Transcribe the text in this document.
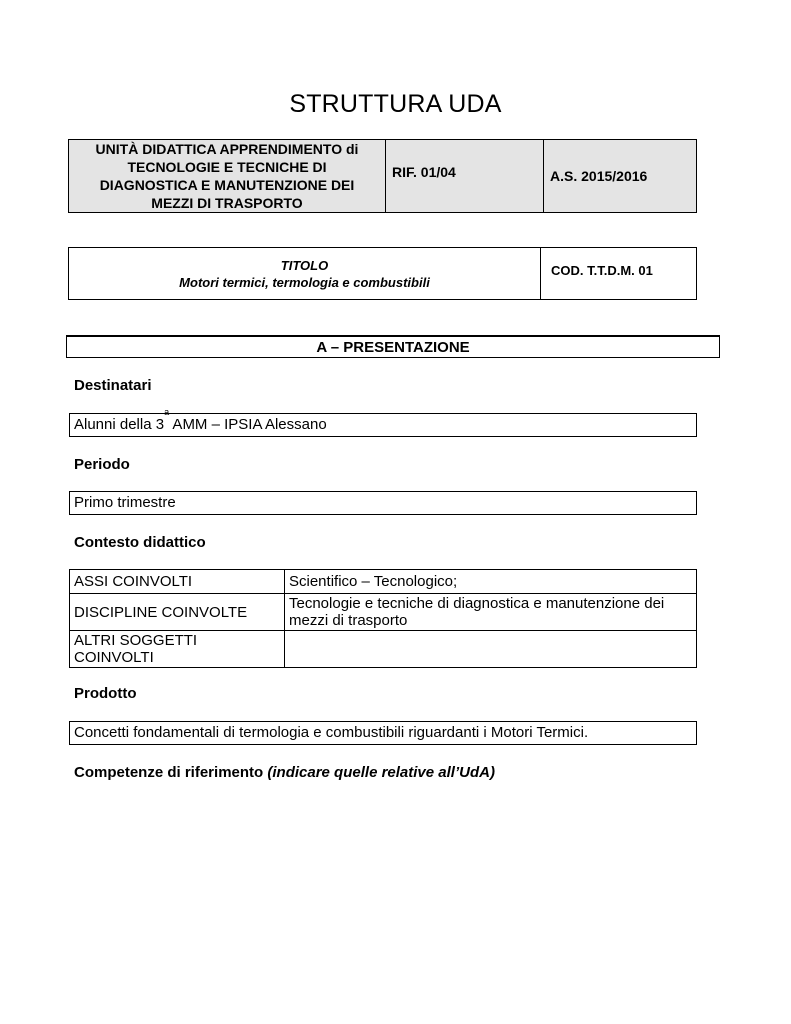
STRUTTURA UDA
UNITÀ DIDATTICA APPRENDIMENTO di
TECNOLOGIE E TECNICHE DI
DIAGNOSTICA E MANUTENZIONE DEI
MEZZI DI TRASPORTO
	RIF. 01/04	A.S. 2015/2016
TITOLO
Motori termici, termologia e combustibili
	COD. T.T.D.M. 01
A – PRESENTAZIONE
Destinatari
Alunni della 3$^a$ AMM – IPSIA Alessano
Periodo
Primo trimestre
Contesto didattico
ASSI COINVOLTI	Scientifico – Tecnologico;
DISCIPLINE COINVOLTE	Tecnologie e tecniche di diagnostica e manutenzione dei mezzi di trasporto
ALTRI SOGGETTI COINVOLTI	
Prodotto
Concetti fondamentali di termologia e combustibili riguardanti i Motori Termici.
Competenze di riferimento (indicare quelle relative all’UdA)
